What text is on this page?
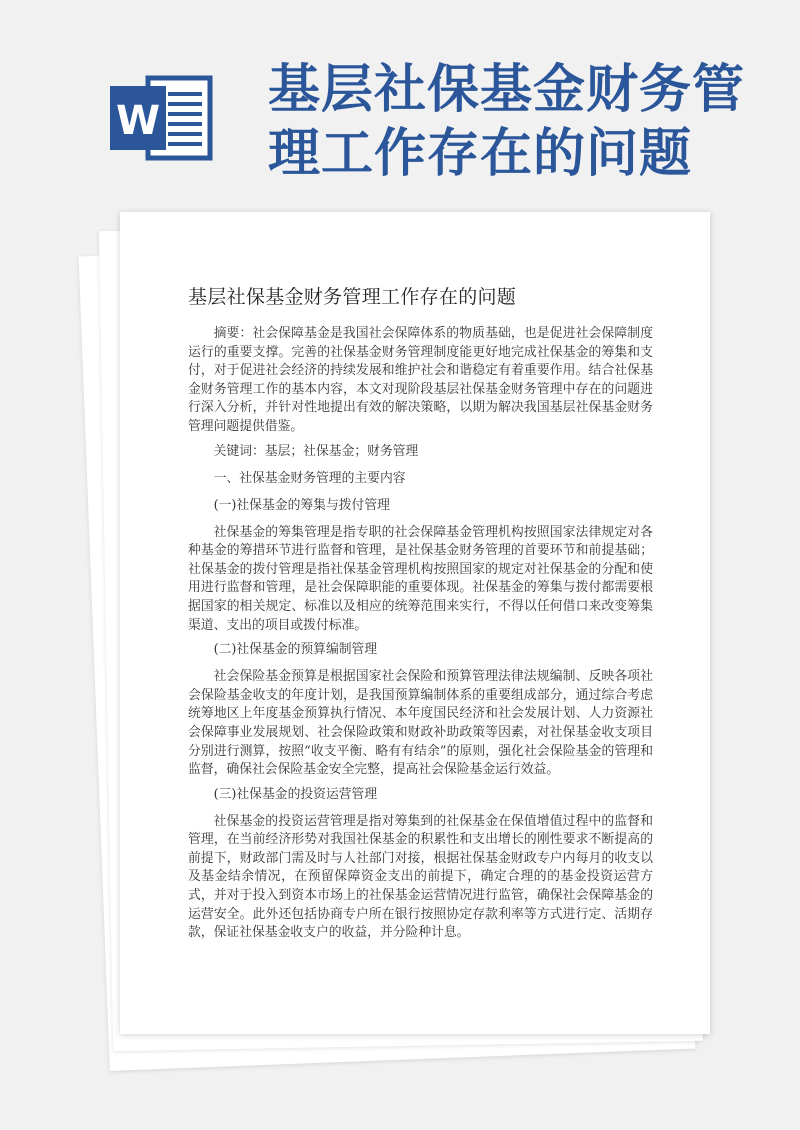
W
基层社保基金财务管理工作存在的问题
基层社保基金财务管理工作存在的问题

摘要：社会保障基金是我国社会保障体系的物质基础，也是促进社会保障制度运行的重要支撑。完善的社保基金财务管理制度能更好地完成社保基金的筹集和支付，对于促进社会经济的持续发展和维护社会和谐稳定有着重要作用。结合社保基金财务管理工作的基本内容，本文对现阶段基层社保基金财务管理中存在的问题进行深入分析，并针对性地提出有效的解决策略，以期为解决我国基层社保基金财务管理问题提供借鉴。

关键词：基层；社保基金；财务管理

一、社保基金财务管理的主要内容

(一)社保基金的筹集与拨付管理

社保基金的筹集管理是指专职的社会保障基金管理机构按照国家法律规定对各种基金的筹措环节进行监督和管理，是社保基金财务管理的首要环节和前提基础；社保基金的拨付管理是指社保基金管理机构按照国家的规定对社保基金的分配和使用进行监督和管理，是社会保障职能的重要体现。社保基金的筹集与拨付都需要根据国家的相关规定、标准以及相应的统筹范围来实行，不得以任何借口来改变筹集渠道、支出的项目或拨付标准。

(二)社保基金的预算编制管理

社会保险基金预算是根据国家社会保险和预算管理法律法规编制、反映各项社会保险基金收支的年度计划，是我国预算编制体系的重要组成部分，通过综合考虑统筹地区上年度基金预算执行情况、本年度国民经济和社会发展计划、人力资源社会保障事业发展规划、社会保险政策和财政补助政策等因素，对社保基金收支项目分别进行测算，按照“收支平衡、略有有结余”的原则，强化社会保险基金的管理和监督，确保社会保险基金安全完整，提高社会保险基金运行效益。

(三)社保基金的投资运营管理

社保基金的投资运营管理是指对筹集到的社保基金在保值增值过程中的监督和管理，在当前经济形势对我国社保基金的积累性和支出增长的刚性要求不断提高的前提下，财政部门需及时与人社部门对接，根据社保基金财政专户内每月的收支以及基金结余情况，在预留保障资金支出的前提下，确定合理的的基金投资运营方式，并对于投入到资本市场上的社保基金运营情况进行监管，确保社会保障基金的运营安全。此外还包括协商专户所在银行按照协定存款利率等方式进行定、活期存款，保证社保基金收支户的收益，并分险种计息。
